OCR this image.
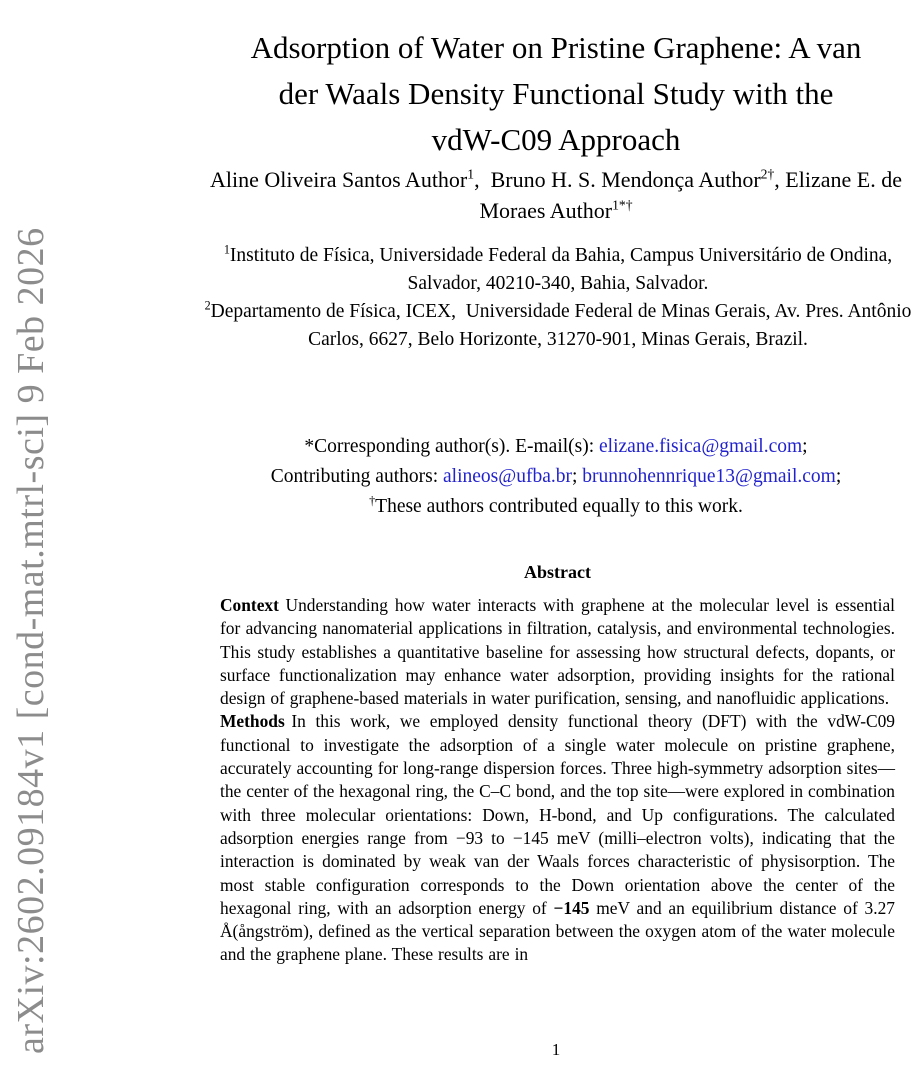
arXiv:2602.09184v1 [cond-mat.mtrl-sci] 9 Feb 2026
Adsorption of Water on Pristine Graphene: A van
der Waals Density Functional Study with the
vdW-C09 Approach
Aline Oliveira Santos Author$^1$,  Bruno H. S. Mendonça Author$^{2\dagger}$, Elizane E. de Moraes Author$^{1*\dagger}$
$^1$Instituto de Física, Universidade Federal da Bahia, Campus Universitário de Ondina, Salvador, 40210-340, Bahia, Salvador.
$^2$Departamento de Física, ICEX,  Universidade Federal de Minas Gerais, Av. Pres. Antônio Carlos, 6627, Belo Horizonte, 31270-901, Minas Gerais, Brazil.
*Corresponding author(s). E-mail(s): elizane.fisica@gmail.com;
Contributing authors: alineos@ufba.br; brunnohennrique13@gmail.com;
†These authors contributed equally to this work.
Abstract

Context Understanding how water interacts with graphene at the molecular level is essential for advancing nanomaterial applications in filtration, catalysis, and environmental technologies. This study establishes a quantitative baseline for assessing how structural defects, dopants, or surface functionalization may enhance water adsorption, providing insights for the rational design of graphene-based materials in water purification, sensing, and nanofluidic applications.

Methods In this work, we employed density functional theory (DFT) with the vdW-C09 functional to investigate the adsorption of a single water molecule on pristine graphene, accurately accounting for long-range dispersion forces. Three high-symmetry adsorption sites—the center of the hexagonal ring, the C–C bond, and the top site—were explored in combination with three molecular orientations: Down, H-bond, and Up configurations. The calculated adsorption energies range from −93 to −145 meV (milli–electron volts), indicating that the interaction is dominated by weak van der Waals forces characteristic of physisorption. The most stable configuration corresponds to the Down orientation above the center of the hexagonal ring, with an adsorption energy of −145 meV and an equilibrium distance of 3.27 Å(ångström), defined as the vertical separation between the oxygen atom of the water molecule and the graphene plane. These results are in

1
